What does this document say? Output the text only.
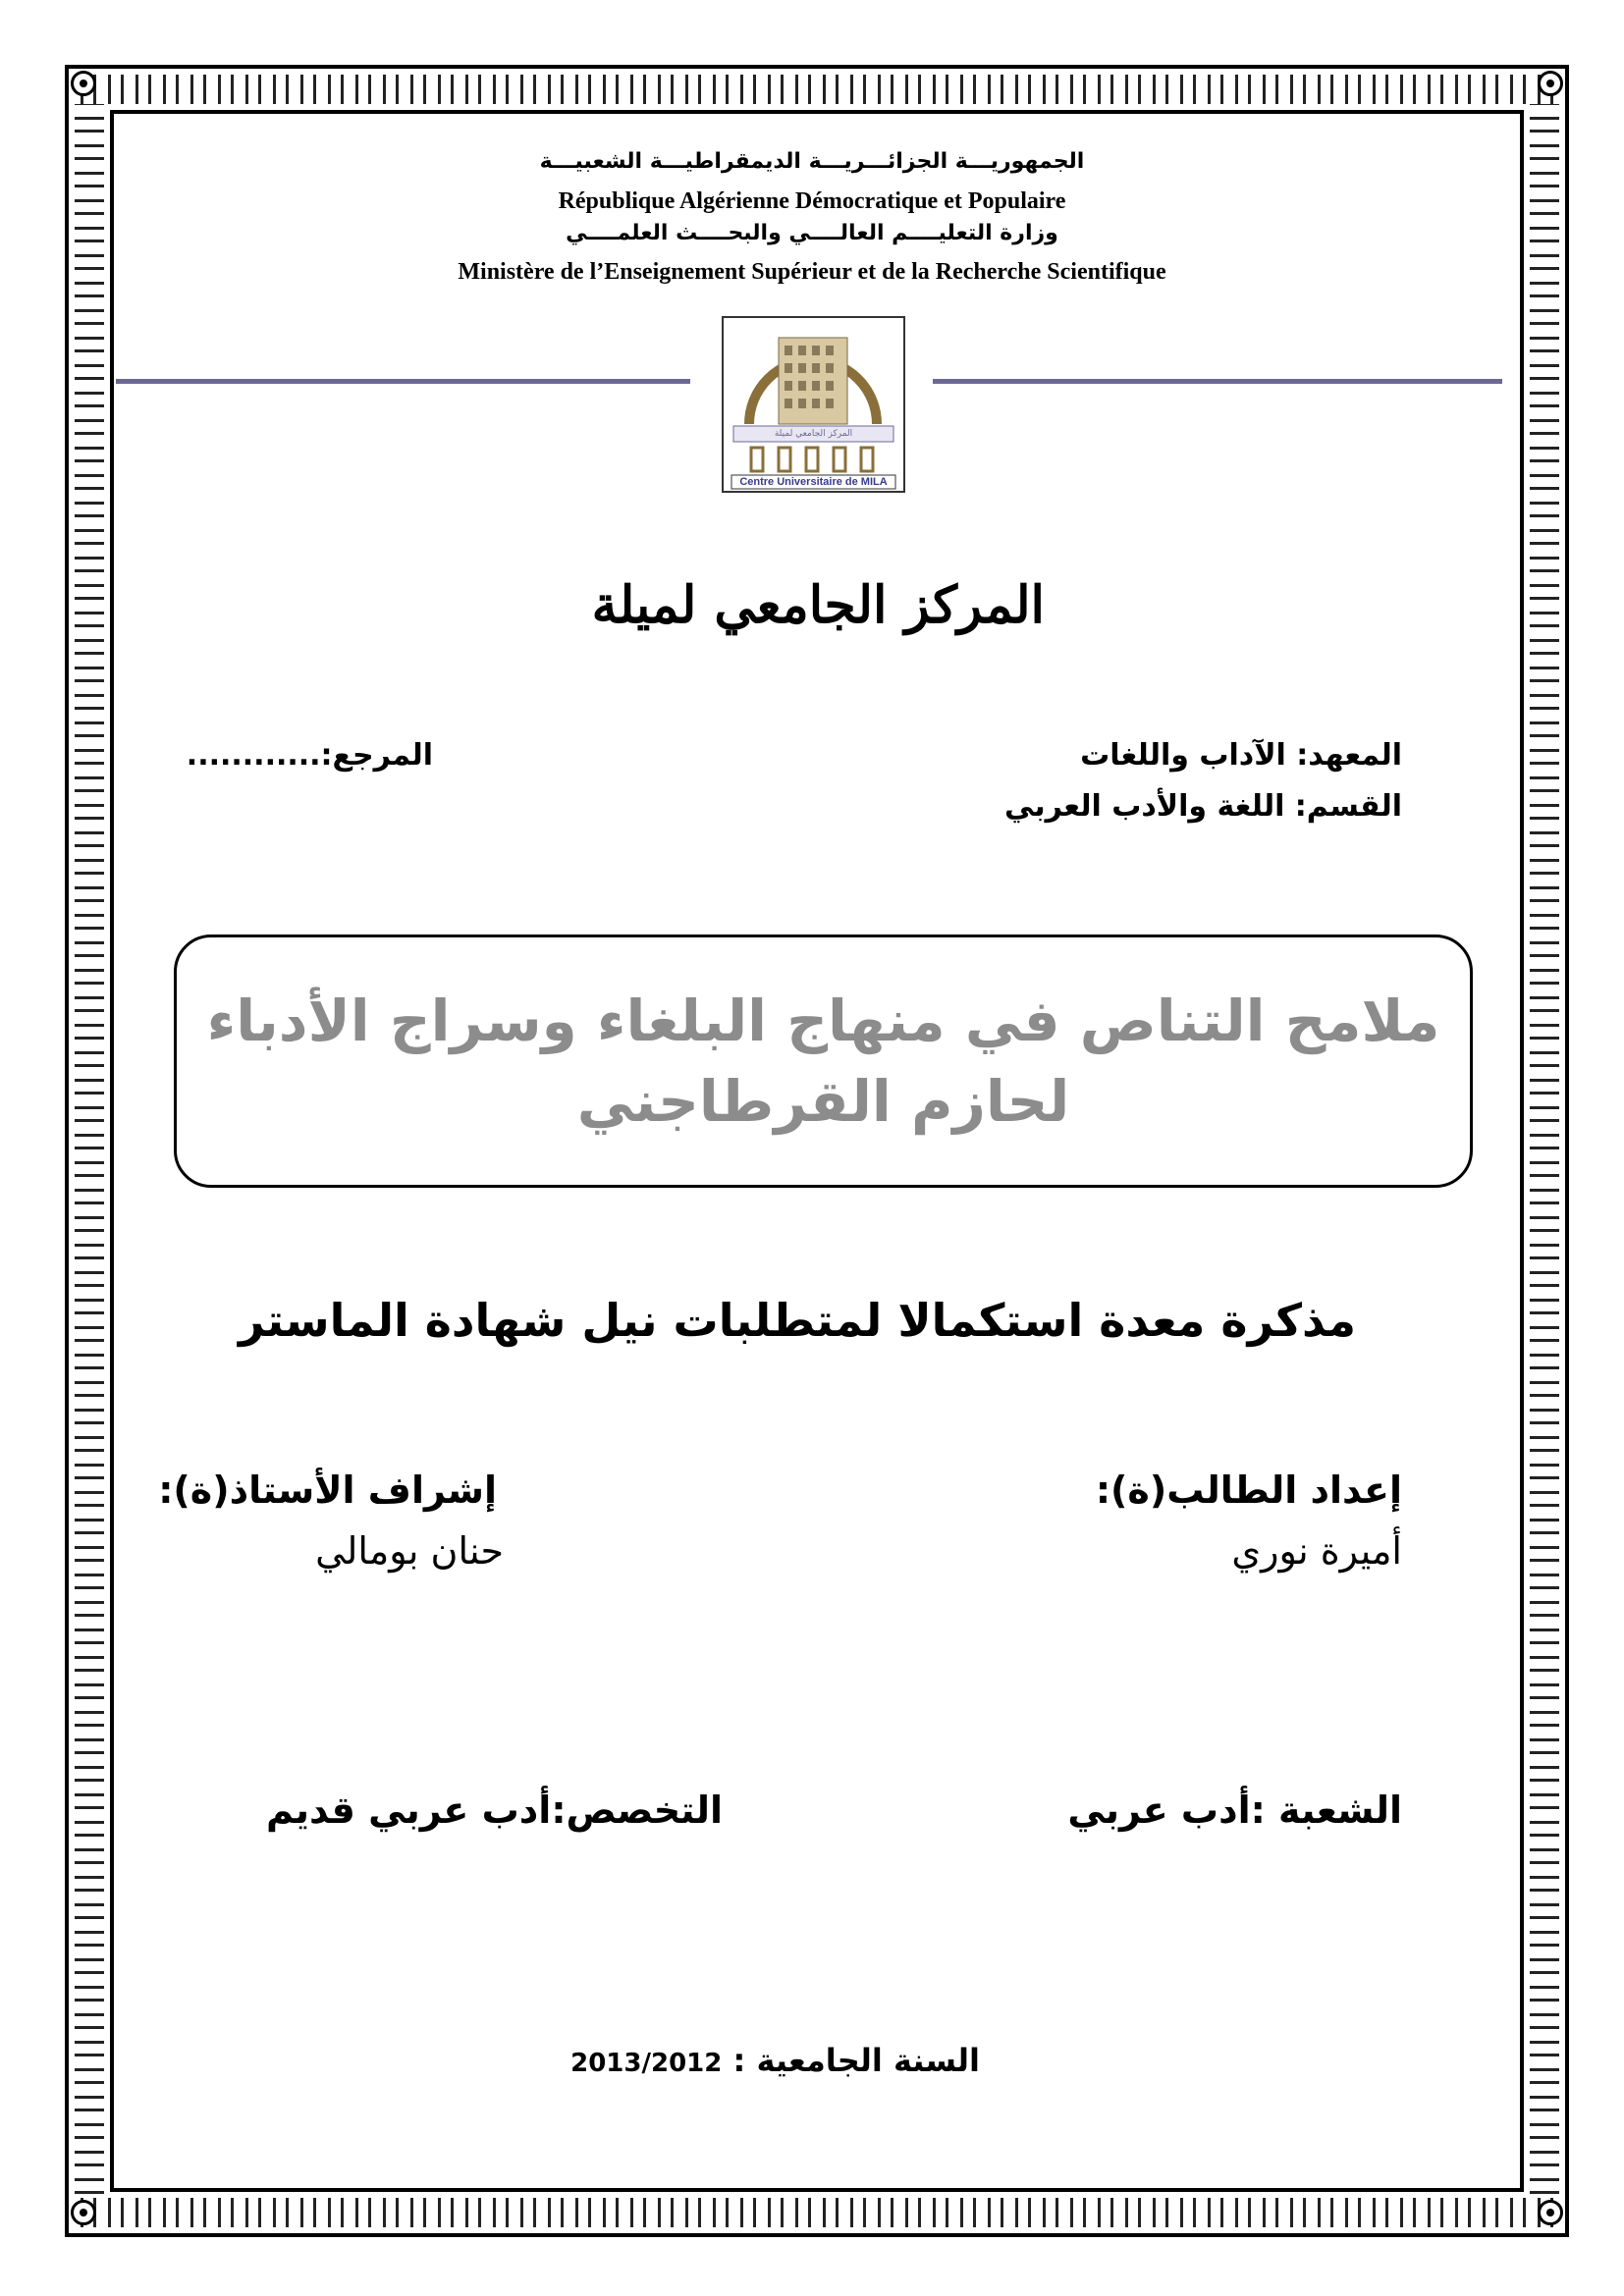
الجمهوريـــة الجزائـــريـــة الديمقراطيـــة الشعبيـــة
République Algérienne Démocratique et Populaire
وزارة التعليــــم العالــــي والبحــــث العلمــــي
Ministère de l’Enseignement Supérieur et de la Recherche Scientifique
Centre Universitaire de MILA
المركز الجامعي لميلة
المركز الجامعي لميلة
المعهد: الآداب واللغات
المرجع:............
القسم: اللغة والأدب العربي
ملامح التناص في منهاج البلغاء وسراج الأدباء لحازم القرطاجني
مذكرة معدة استكمالا لمتطلبات نيل شهادة الماستر
إعداد الطالب(ة):
أميرة نوري
إشراف الأستاذ(ة):
حنان بومالي
الشعبة :أدب عربي
التخصص:أدب عربي قديم
السنة الجامعية : 2013/2012
